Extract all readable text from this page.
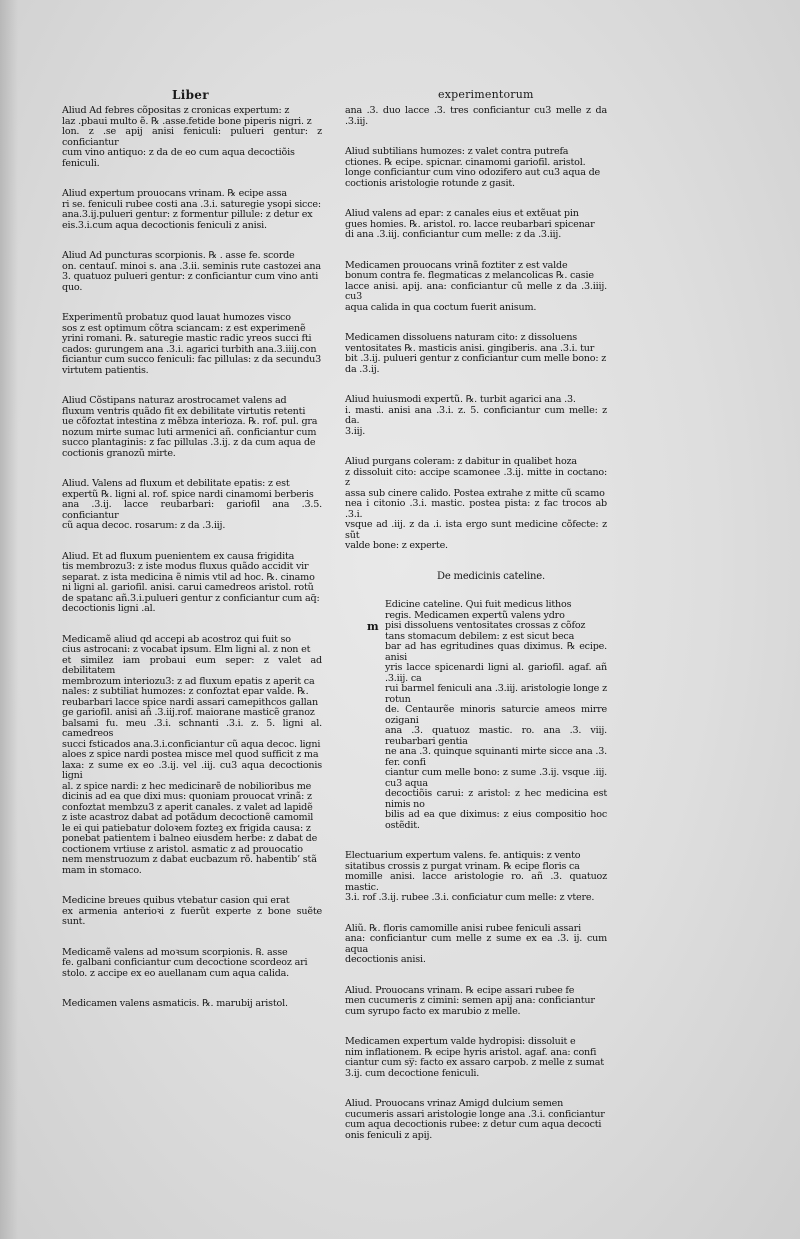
Liber	experimentorum

Aliud Ad febres cõpositas z cronicas expertum: z
laz .pbaui multo ẽ. ℞ .asse.fetide bone piperis nigri. z
lon. z .se apij anisi feniculi: pulueri gentur: z conficiantur
cum vino antiquo: z da de eo cum aqua decoctiõis
feniculi.

Aliud expertum prouocans vrinam. ℞ ecipe assa
ri se. feniculi rubee costi ana .3.i. saturegie ysopi sicce:
ana.3.ij.pulueri gentur: z formentur pillule: z detur ex
eis.3.i.cum aqua decoctionis feniculi z anisi.

Aliud Ad puncturas scorpionis. ℞ . asse fe. scorde
on. centauſ. minoi s. ana .3.ii. seminis rute castozei ana
3. quatuoz pulueri gentur: z conficiantur cum vino anti
quo.

Experimentũ probatuz quod lauat humozes visco
sos z est optimum cõtra sciancam: z est experimenẽ
yrini romani. ℞. saturegie mastic radic yreos succi fti
cados: gurungem ana .3.i. agarici turbith ana.3.iiij.con
ficiantur cum succo feniculi: fac pillulas: z da secundu3
virtutem patientis.

Aliud Cõstipans naturaz arostrocamet valens ad
fluxum ventris quãdo fit ex debilitate virtutis retenti
ue cõfoztat intestina z mẽbza interioza. ℞. rof. pul. gra
nozum mirte sumac luti armenici añ. conficiantur cum
succo plantaginis: z fac pillulas .3.ij. z da cum aqua de
coctionis granozũ mirte.

Aliud. Valens ad fluxum et debilitate epatis: z est
expertũ ℞. ligni al. rof. spice nardi cinamomi berberis
ana .3.ij. lacce reubarbari: gariofil ana .3.5. conficiantur
cũ aqua decoc. rosarum: z da .3.iij.

Aliud. Et ad fluxum puenientem ex causa frigidita
tis membrozu3: z iste modus fluxus quãdo accidit vir
separat. z ista medicina ẽ nimis vtil ad hoc. ℞. cinamo
ni ligni al. gariofil. anisi. carui camedreos aristol. rotũ
de spatanc añ.3.i.pulueri gentur z conficiantur cum aq̃:
decoctionis ligni .al.

Medicamẽ aliud qd accepi ab acostroz qui fuit so
cius astrocani: z vocabat ipsum. Elm ligni al. z non et
et similez iam probaui eum seper: z valet ad debilitatem
membrozum interiozu3: z ad fluxum epatis z aperit ca
nales: z subtiliat humozes: z confoztat epar valde. ℞.
reubarbari lacce spice nardi assari camepithcos gallan
ge gariofil. anisi añ .3.iij.rof. maiorane masticẽ granoz
balsami fu. meu .3.i. schnanti .3.i. z. 5. ligni al. camedreos
succi fsticados ana.3.i.conficiantur cũ aqua decoc. ligni
aloes z spice nardi postea misce mel quod sufficit z ma
laxa: z sume ex eo .3.ij. vel .iij. cu3 aqua decoctionis ligni
al. z spice nardi: z hec medicinarẽ de nobilioribus me
dicinis ad ea que dixi mus: quoniam prouocat vrinã: z
confoztat membzu3 z aperit canales. z valet ad lapidẽ
z iste acastroz dabat ad potãdum decoctionẽ camomil
le ei qui patiebatur doloꝛem fozteꝫ ex frigida causa: z
ponebat patientem i balneo eiusdem herbe: z dabat de
coctionem vrtiuse z aristol. asmatic z ad prouocatio
nem menstruozum z dabat eucbazum rõ. habentib’ stã
mam in stomaco.

Medicine breues quibus vtebatur casion qui erat
ex armenia anterioꝛi z fuerũt experte z bone suẽte sunt.

Medicamẽ valens ad moꝛsum scorpionis. ℞. asse
fe. galbani conficiantur cum decoctione scordeoz ari
stolo. z accipe ex eo auellanam cum aqua calida.

Medicamen valens asmaticis. ℞. marubij aristol.

ana .3. duo lacce .3. tres conficiantur cu3 melle z da .3.iij.

Aliud subtilians humozes: z valet contra putrefa
ctiones. ℞ ecipe. spicnar. cinamomi gariofil. aristol.
longe conficiantur cum vino odozifero aut cu3 aqua de
coctionis aristologie rotunde z gasit.

Aliud valens ad epar: z canales eius et extẽuat pin
gues homies. ℞. aristol. ro. lacce reubarbari spicenar
di ana .3.iij. conficiantur cum melle: z da .3.iij.

Medicamen prouocans vrinã foztiter z est valde
bonum contra fe. flegmaticas z melancolicas ℞. casie
lacce anisi. apij. ana: conficiantur cũ melle z da .3.iiij. cu3
aqua calida in qua coctum fuerit anisum.

Medicamen dissoluens naturam cito: z dissoluens
ventositates ℞. masticis anisi. gingiberis. ana .3.i. tur
bit .3.ij. pulueri gentur z conficiantur cum melle bono: z
da .3.ij.

Aliud huiusmodi expertũ. ℞. turbit agarici ana .3.
i. masti. anisi ana .3.i. z. 5. conficiantur cum melle: z da.
3.iij.

Aliud purgans coleram: z dabitur in qualibet hoza
z dissoluit cito: accipe scamonee .3.ij. mitte in coctano: z
assa sub cinere calido. Postea extrahe z mitte cũ scamo
nea i citonio .3.i. mastic. postea pista: z fac trocos ab .3.i.
vsque ad .iij. z da .i. ista ergo sunt medicine cõfecte: z sũt
valde bone: z experte.

De medicinis cateline.
m

Edicine cateline. Qui fuit medicus lithos
regis. Medicamen expertũ valens ydro
pisi dissoluens ventositates crossas z cõfoz
tans stomacum debilem: z est sicut beca
bar ad has egritudines quas diximus. ℞ ecipe. anisi
yris lacce spicenardi ligni al. gariofil. agaf. añ .3.iij. ca
rui barmel feniculi ana .3.iij. aristologie longe z rotun
de. Centaurẽe minoris saturcie ameos mirre ozigani
ana .3. quatuoz mastic. ro. ana .3. viij. reubarbari gentia
ne ana .3. quinque squinanti mirte sicce ana .3. fer. confi
ciantur cum melle bono: z sume .3.ij. vsque .iij. cu3 aqua
decoctiõis carui: z aristol: z hec medicina est nimis no
bilis ad ea que diximus: z eius compositio hoc ostẽdit.

Electuarium expertum valens. fe. antiquis: z vento
sitatibus crossis z purgat vrinam. ℞ ecipe floris ca
momille anisi. lacce aristologie ro. añ .3. quatuoz mastic.
3.i. rof .3.ij. rubee .3.i. conficiatur cum melle: z vtere.

Aliũ. ℞. floris camomille anisi rubee feniculi assari
ana: conficiantur cum melle z sume ex ea .3. ij. cum aqua
decoctionis anisi.

Aliud. Prouocans vrinam. ℞ ecipe assari rubee fe
men cucumeris z cimini: semen apij ana: conficiantur
cum syrupo facto ex marubio z melle.

Medicamen expertum valde hydropisi: dissoluit e
nim inflationem. ℞ ecipe hyris aristol. agaf. ana: confi
ciantur cum sy̅: facto ex assaro carpob. z melle z sumat
3.ij. cum decoctione feniculi.

Aliud. Prouocans vrinaz Amigd dulcium semen
cucumeris assari aristologie longe ana .3.i. conficiantur
cum aqua decoctionis rubee: z detur cum aqua decocti
onis feniculi z apij.
